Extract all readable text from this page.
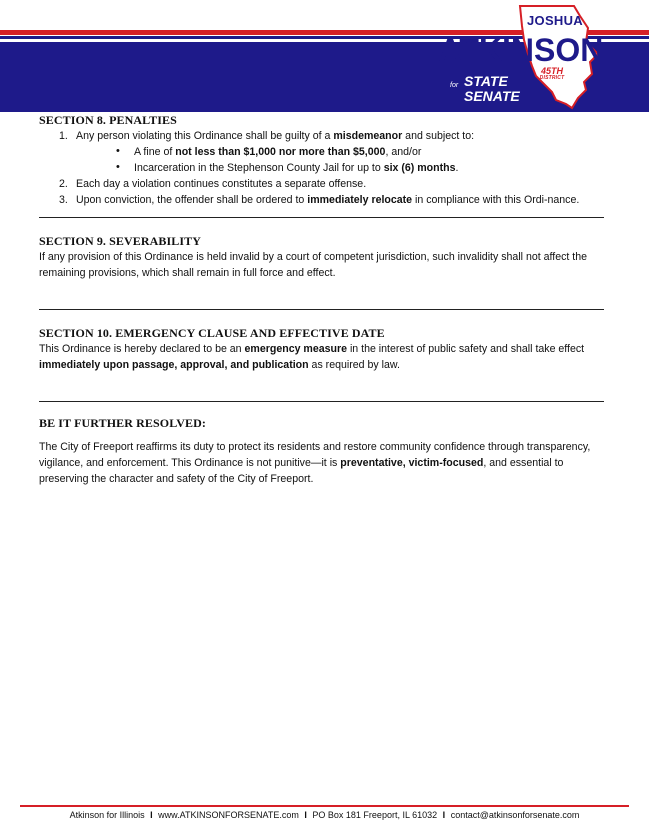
JOSHUA
ATKINSON
45TH
DISTRICT
for STATE
SENATE
SECTION 8. PENALTIES
1. Any person violating this Ordinance shall be guilty of a misdemeanor and subject to:
• A fine of not less than $1,000 nor more than $5,000, and/or
• Incarceration in the Stephenson County Jail for up to six (6) months.
2. Each day a violation continues constitutes a separate offense.
3. Upon conviction, the offender shall be ordered to immediately relocate in compliance with this Ordi-nance.
SECTION 9. SEVERABILITY

If any provision of this Ordinance is held invalid by a court of competent jurisdiction, such invalidity shall not affect the remaining provisions, which shall remain in full force and effect.

SECTION 10. EMERGENCY CLAUSE AND EFFECTIVE DATE

This Ordinance is hereby declared to be an emergency measure in the interest of public safety and shall take effect immediately upon passage, approval, and publication as required by law.

BE IT FURTHER RESOLVED:

The City of Freeport reaffirms its duty to protect its residents and restore community confidence through transparency, vigilance, and enforcement. This Ordinance is not punitive—it is preventative, victim-focused, and essential to preserving the character and safety of the City of Freeport.

Atkinson for Illinois I www.ATKINSONFORSENATE.com I PO Box 181 Freeport, IL 61032 I contact@atkinsonforsenate.com
